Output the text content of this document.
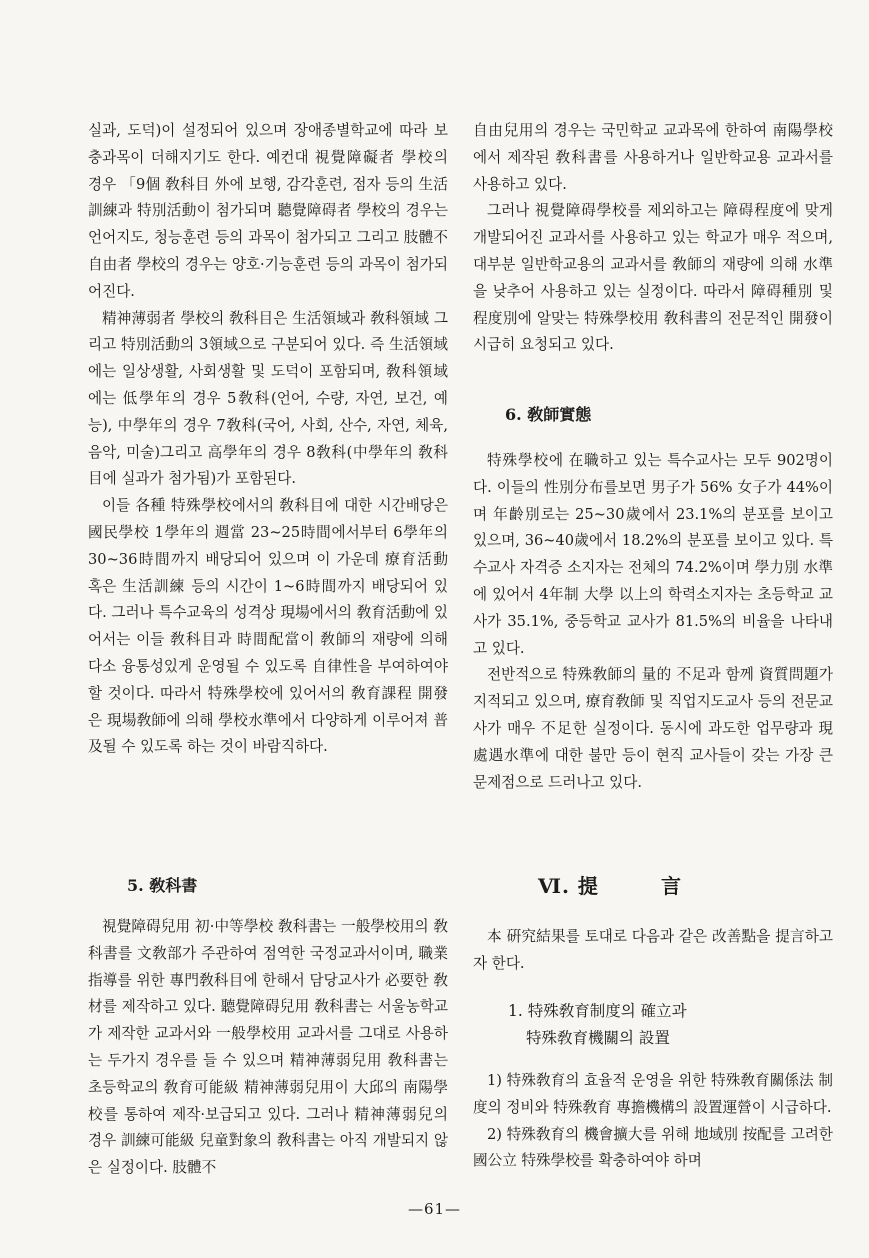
실과, 도덕)이 설정되어 있으며 장애종별학교에 따라 보충과목이 더해지기도 한다. 예컨대 視覺障礙者 學校의 경우 「9個 敎科目 外에 보행, 감각훈련, 점자 등의 生活訓練과 特別活動이 첨가되며 聽覺障碍者 學校의 경우는 언어지도, 청능훈련 등의 과목이 첨가되고 그리고 肢體不自由者 學校의 경우는 양호·기능훈련 등의 과목이 첨가되어진다.

精神薄弱者 學校의 敎科目은 生活領域과 敎科領域 그리고 特別活動의 3領域으로 구분되어 있다. 즉 生活領域에는 일상생활, 사회생활 및 도덕이 포함되며, 敎科領域에는 低學年의 경우 5敎科(언어, 수량, 자연, 보건, 예능), 中學年의 경우 7敎科(국어, 사회, 산수, 자연, 체육, 음악, 미술)그리고 高學年의 경우 8敎科(中學年의 敎科目에 실과가 첨가됨)가 포함된다.

이들 各種 特殊學校에서의 敎科目에 대한 시간배당은 國民學校 1學年의 週當 23~25時間에서부터 6學年의 30~36時間까지 배당되어 있으며 이 가운데 療育活動 혹은 生活訓練 등의 시간이 1~6時間까지 배당되어 있다. 그러나 특수교육의 성격상 現場에서의 敎育活動에 있어서는 이들 敎科目과 時間配當이 敎師의 재량에 의해 다소 융통성있게 운영될 수 있도록 自律性을 부여하여야 할 것이다. 따라서 特殊學校에 있어서의 敎育課程 開發은 現場敎師에 의해 學校水準에서 다양하게 이루어져 普及될 수 있도록 하는 것이 바람직하다.

5. 敎科書

視覺障碍兒用 初·中等學校 敎科書는 一般學校用의 敎科書를 文敎部가 주관하여 점역한 국정교과서이며, 職業指導를 위한 專門敎科目에 한해서 담당교사가 必要한 敎材를 제작하고 있다. 聽覺障碍兒用 敎科書는 서울농학교가 제작한 교과서와 一般學校用 교과서를 그대로 사용하는 두가지 경우를 들 수 있으며 精神薄弱兒用 敎科書는 초등학교의 敎育可能級 精神薄弱兒用이 大邱의 南陽學校를 통하여 제작·보급되고 있다. 그러나 精神薄弱兒의 경우 訓練可能級 兒童對象의 敎科書는 아직 개발되지 않은 실정이다. 肢體不

自由兒用의 경우는 국민학교 교과목에 한하여 南陽學校에서 제작된 敎科書를 사용하거나 일반학교용 교과서를 사용하고 있다.

그러나 視覺障碍學校를 제외하고는 障碍程度에 맞게 개발되어진 교과서를 사용하고 있는 학교가 매우 적으며, 대부분 일반학교용의 교과서를 敎師의 재량에 의해 水準을 낮추어 사용하고 있는 실정이다. 따라서 障碍種別 및 程度別에 알맞는 特殊學校用 敎科書의 전문적인 開發이 시급히 요청되고 있다.

6. 敎師實態

特殊學校에 在職하고 있는 특수교사는 모두 902명이다. 이들의 性別分布를보면 男子가 56% 女子가 44%이며 年齡別로는 25~30歲에서 23.1%의 분포를 보이고 있으며, 36~40歲에서 18.2%의 분포를 보이고 있다. 특수교사 자격증 소지자는 전체의 74.2%이며 學力別 水準에 있어서 4年制 大學 以上의 학력소지자는 초등학교 교사가 35.1%, 중등학교 교사가 81.5%의 비율을 나타내고 있다.

전반적으로 特殊敎師의 量的 不足과 함께 資質問題가 지적되고 있으며, 療育敎師 및 직업지도교사 등의 전문교사가 매우 不足한 실정이다. 동시에 과도한 업무량과 現 處遇水準에 대한 불만 등이 현직 교사들이 갖는 가장 큰 문제점으로 드러나고 있다.

Ⅵ. 提	言

本 硏究結果를 토대로 다음과 같은 改善點을 提言하고자 한다.

1. 特殊敎育制度의 確立과
特殊敎育機關의 設置

1) 特殊敎育의 효율적 운영을 위한 特殊敎育關係法 制度의 정비와 特殊敎育 專擔機構의 設置運營이 시급하다.

2) 特殊敎育의 機會擴大를 위해 地域別 按配를 고려한 國公立 特殊學校를 확충하여야 하며

—61—
